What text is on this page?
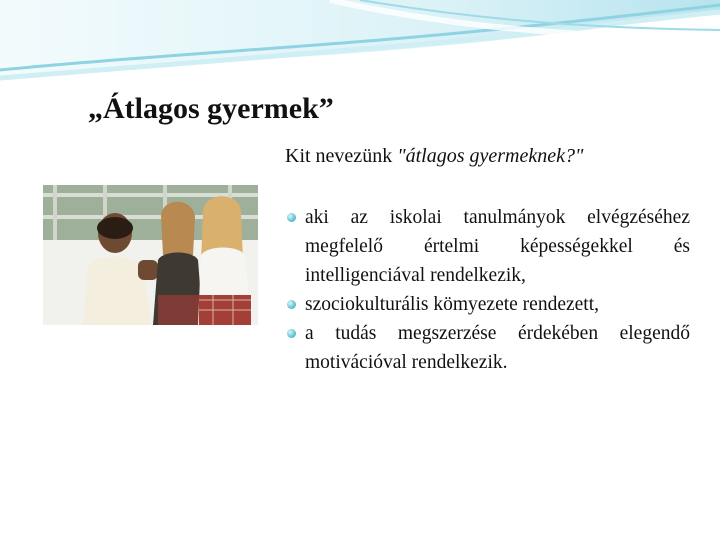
„Átlagos gyermek”
Kit nevezünk "átlagos gyermeknek?"
aki az iskolai tanulmányok elvégzéséhez megfelelő értelmi képességekkel és intelligenciával rendelkezik,
szociokulturális kömyezete rendezett,
a tudás megszerzése érdekében elegendő motivációval rendelkezik.
